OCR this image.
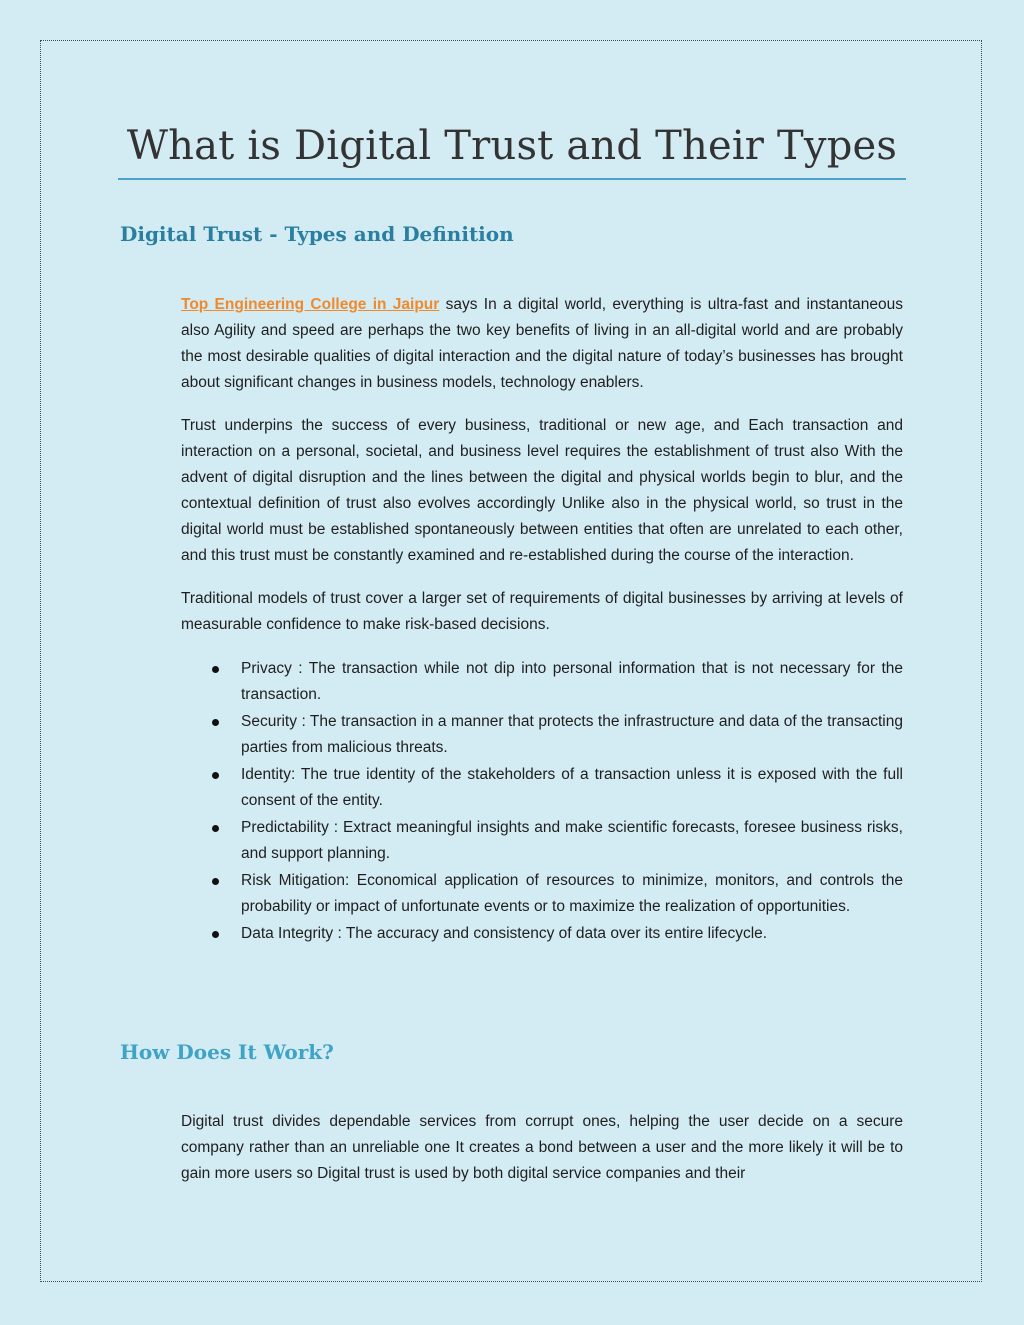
What is Digital Trust and Their Types
Digital Trust - Types and Definition

Top Engineering College in Jaipur says In a digital world, everything is ultra-fast and instantaneous also Agility and speed are perhaps the two key benefits of living in an all-digital world and are probably the most desirable qualities of digital interaction and the digital nature of today’s businesses has brought about significant changes in business models, technology enablers.

Trust underpins the success of every business, traditional or new age, and Each transaction and interaction on a personal, societal, and business level requires the establishment of trust also With the advent of digital disruption and the lines between the digital and physical worlds begin to blur, and the contextual definition of trust also evolves accordingly Unlike also in the physical world, so trust in the digital world must be established spontaneously between entities that often are unrelated to each other, and this trust must be constantly examined and re-established during the course of the interaction.

Traditional models of trust cover a larger set of requirements of digital businesses by arriving at levels of measurable confidence to make risk-based decisions.

Privacy : The transaction while not dip into personal information that is not necessary for the transaction.
Security : The transaction in a manner that protects the infrastructure and data of the transacting parties from malicious threats.
Identity: The true identity of the stakeholders of a transaction unless it is exposed with the full consent of the entity.
Predictability : Extract meaningful insights and make scientific forecasts, foresee business risks, and support planning.
Risk Mitigation: Economical application of resources to minimize, monitors, and controls the probability or impact of unfortunate events or to maximize the realization of opportunities.
Data Integrity : The accuracy and consistency of data over its entire lifecycle.
How Does It Work?

Digital trust divides dependable services from corrupt ones, helping the user decide on a secure company rather than an unreliable one It creates a bond between a user and the more likely it will be to gain more users so Digital trust is used by both digital service companies and their
